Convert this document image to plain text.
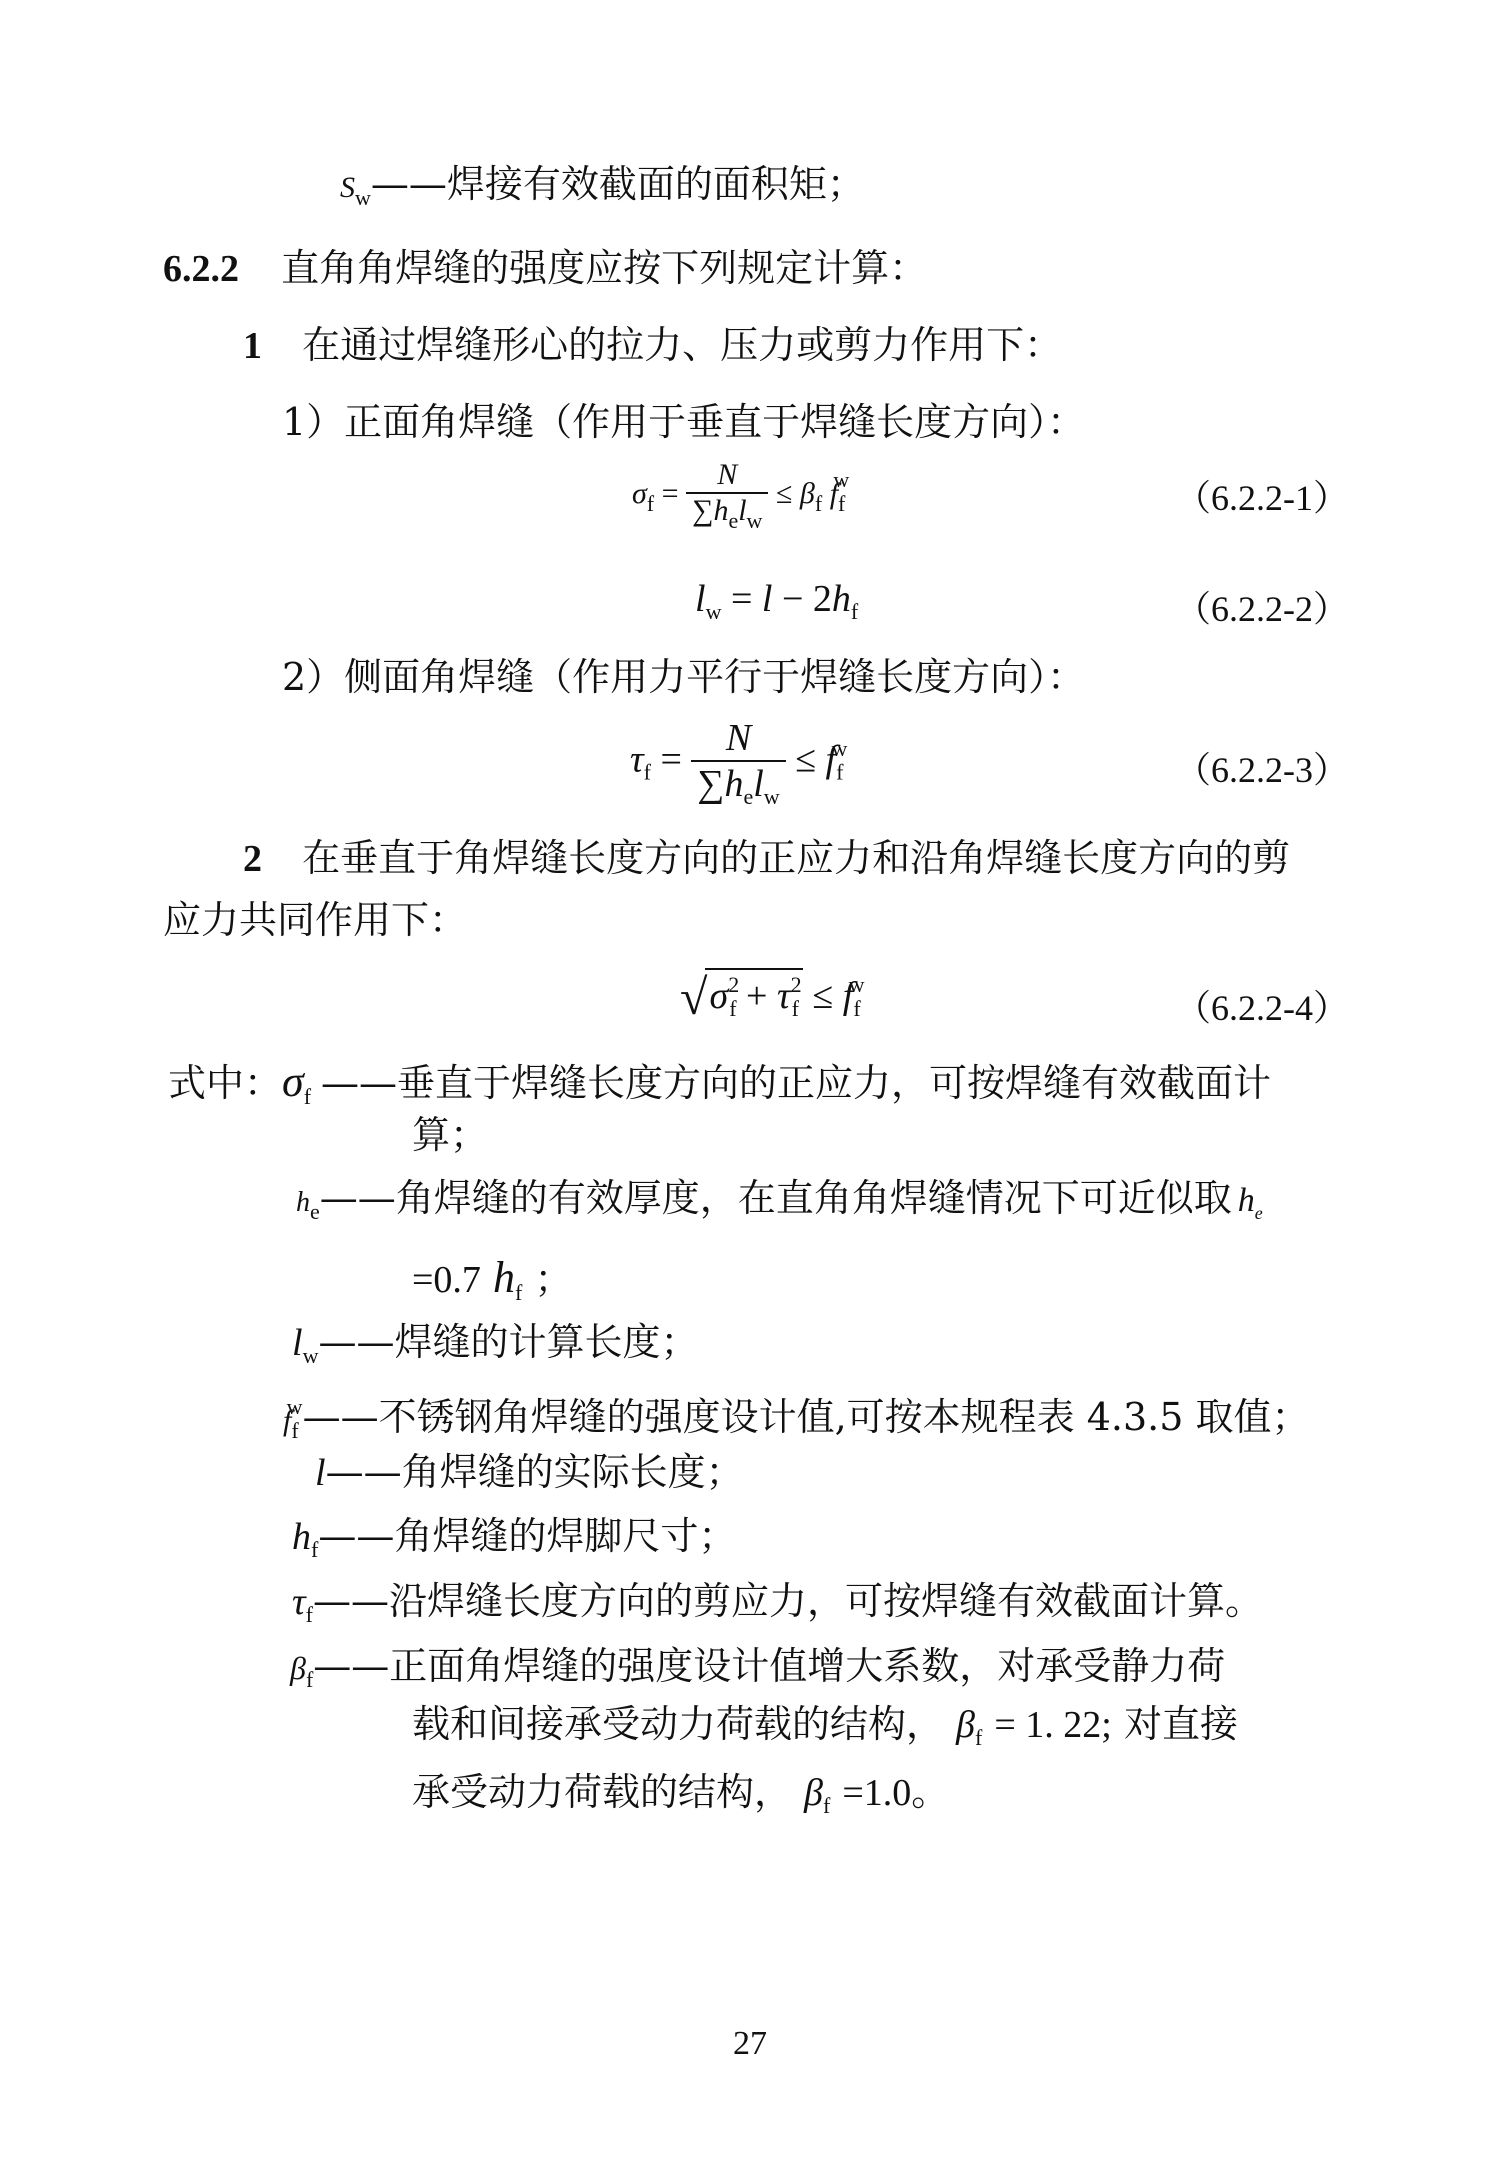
$S_w——$焊接有效截面的面积矩；
6.2.2 直角角焊缝的强度应按下列规定计算：
1 在通过焊缝形心的拉力、压力或剪力作用下：
1）正面角焊缝（作用于垂直于焊缝长度方向）：
$\sigma_f = \frac{N}{\sum h_el_w} \le \beta_f$ $f_f^w$	（6.2.2-1）
$l_w = l - 2h_f$	（6.2.2-2）
2）侧面角焊缝（作用力平行于焊缝长度方向）：
$\tau_f = \frac{N}{\sum h_el_w} \le f_f^w$
（6.2.2-3）
2 在垂直于角焊缝长度方向的正应力和沿角焊缝长度方向的剪
应力共同作用下：
$√\sigma^2_f + \tau^2_f \le f_f^w$
（6.2.2-4）
式中：$\sigma_f$ ——垂直于焊缝长度方向的正应力，可按焊缝有效截面计
算；
$h_e——$角焊缝的有效厚度，在直角角焊缝情况下可近似取 $h_e$
=0.7 $h_f$ ；
$l_w——$焊缝的计算长度；
$f_f^w——$不锈钢角焊缝的强度设计值,可按本规程表 4.3.5 取值；
l——角焊缝的实际长度；
$h_f——$角焊缝的焊脚尺寸；
$\tau_f——$沿焊缝长度方向的剪应力，可按焊缝有效截面计算。
$\beta_f——$正面角焊缝的强度设计值增大系数，对承受静力荷
载和间接承受动力荷载的结构， $\beta_f = 1$. 22; 对直接
承受动力荷载的结构， $\beta_f =1.0$。
27
